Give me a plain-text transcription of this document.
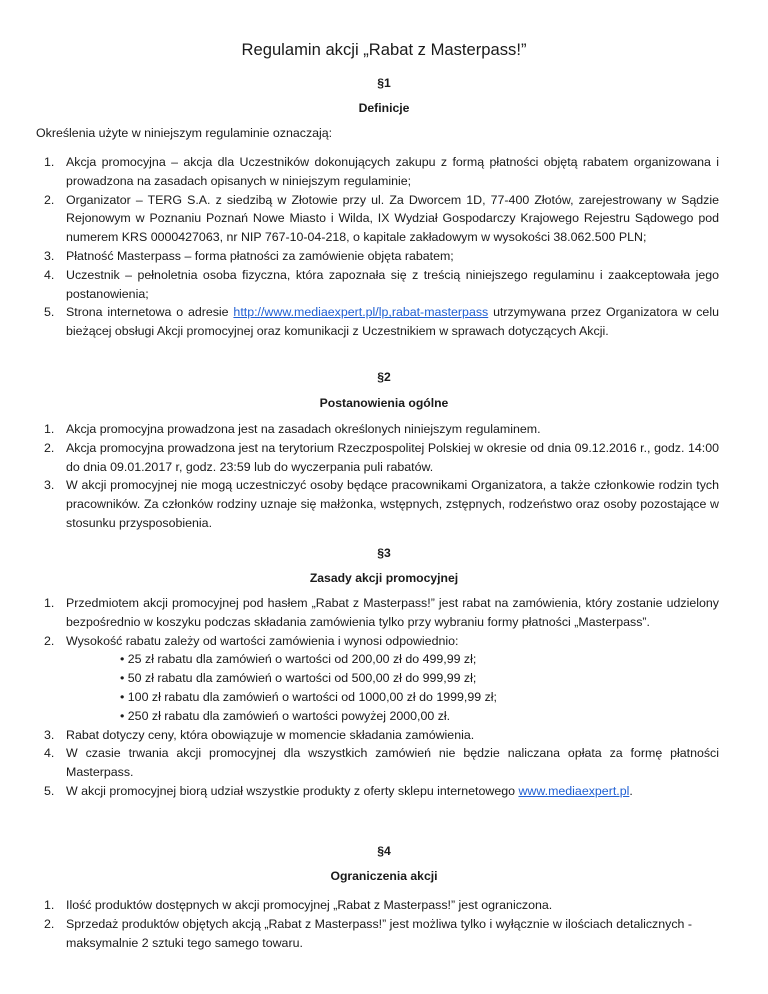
Regulamin akcji „Rabat z Masterpass!”
§1
Definicje
Określenia użyte w niniejszym regulaminie oznaczają:
1. Akcja promocyjna – akcja dla Uczestników dokonujących zakupu z formą płatności objętą rabatem organizowana i prowadzona na zasadach opisanych w niniejszym regulaminie;
2. Organizator – TERG S.A. z siedzibą w Złotowie przy ul. Za Dworcem 1D, 77-400 Złotów, zarejestrowany w Sądzie Rejonowym w Poznaniu Poznań Nowe Miasto i Wilda, IX Wydział Gospodarczy Krajowego Rejestru Sądowego pod numerem KRS 0000427063, nr NIP 767-10-04-218, o kapitale zakładowym w wysokości 38.062.500 PLN;
3. Płatność Masterpass – forma płatności za zamówienie objęta rabatem;
4. Uczestnik – pełnoletnia osoba fizyczna, która zapoznała się z treścią niniejszego regulaminu i zaakceptowała jego postanowienia;
5. Strona internetowa o adresie http://www.mediaexpert.pl/lp,rabat-masterpass utrzymywana przez Organizatora w celu bieżącej obsługi Akcji promocyjnej oraz komunikacji z Uczestnikiem w sprawach dotyczących Akcji.
§2
Postanowienia ogólne
1. Akcja promocyjna prowadzona jest na zasadach określonych niniejszym regulaminem.
2. Akcja promocyjna prowadzona jest na terytorium Rzeczpospolitej Polskiej w okresie od dnia 09.12.2016 r., godz. 14:00 do dnia 09.01.2017 r, godz. 23:59 lub do wyczerpania puli rabatów.
3. W akcji promocyjnej nie mogą uczestniczyć osoby będące pracownikami Organizatora, a także członkowie rodzin tych pracowników. Za członków rodziny uznaje się małżonka, wstępnych, zstępnych, rodzeństwo oraz osoby pozostające w stosunku przysposobienia.
§3
Zasady akcji promocyjnej
1. Przedmiotem akcji promocyjnej pod hasłem „Rabat z Masterpass!” jest rabat na zamówienia, który zostanie udzielony bezpośrednio w koszyku podczas składania zamówienia tylko przy wybraniu formy płatności „Masterpass”.
2. Wysokość rabatu zależy od wartości zamówienia i wynosi odpowiednio:
• 25 zł rabatu dla zamówień o wartości od 200,00 zł do 499,99 zł;
• 50 zł rabatu dla zamówień o wartości od 500,00 zł do 999,99 zł;
• 100 zł rabatu dla zamówień o wartości od 1000,00 zł do 1999,99 zł;
• 250 zł rabatu dla zamówień o wartości powyżej 2000,00 zł.
3. Rabat dotyczy ceny, która obowiązuje w momencie składania zamówienia.
4. W czasie trwania akcji promocyjnej dla wszystkich zamówień nie będzie naliczana opłata za formę płatności Masterpass.
5. W akcji promocyjnej biorą udział wszystkie produkty z oferty sklepu internetowego www.mediaexpert.pl.
§4
Ograniczenia akcji
1. Ilość produktów dostępnych w akcji promocyjnej „Rabat z Masterpass!” jest ograniczona.
2. Sprzedaż produktów objętych akcją „Rabat z Masterpass!” jest możliwa tylko i wyłącznie w ilościach detalicznych - maksymalnie 2 sztuki tego samego towaru.
